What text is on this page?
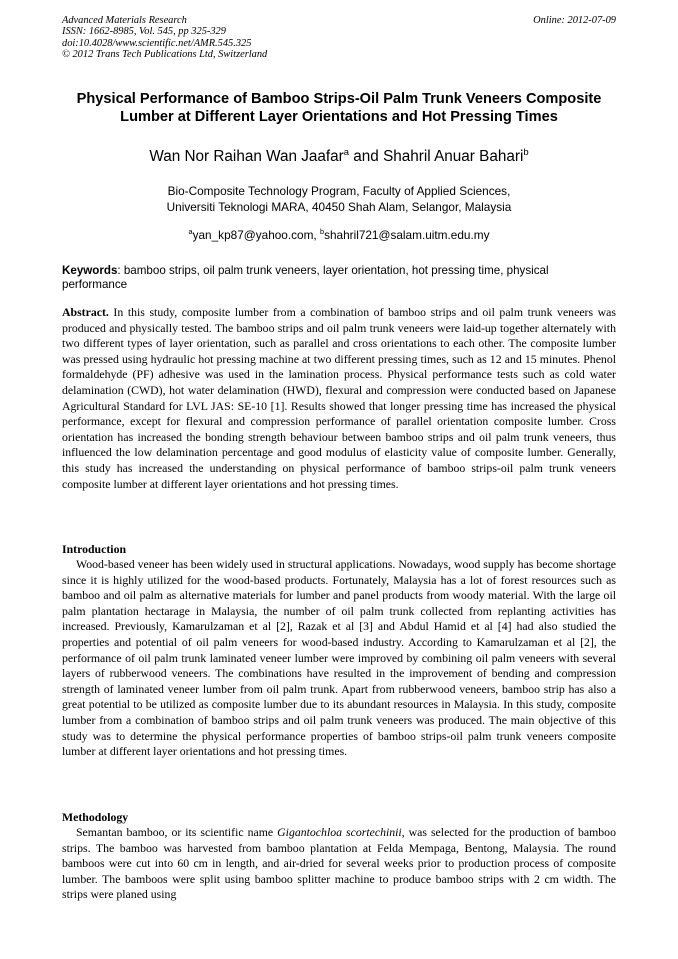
Advanced Materials Research
ISSN: 1662-8985, Vol. 545, pp 325-329
doi:10.4028/www.scientific.net/AMR.545.325
© 2012 Trans Tech Publications Ltd, Switzerland
Online: 2012-07-09
Physical Performance of Bamboo Strips-Oil Palm Trunk Veneers Composite Lumber at Different Layer Orientations and Hot Pressing Times
Wan Nor Raihan Wan Jaafar$^a$ and Shahril Anuar Bahari$^b$
Bio-Composite Technology Program, Faculty of Applied Sciences,
Universiti Teknologi MARA, 40450 Shah Alam, Selangor, Malaysia
$^a$yan_kp87@yahoo.com, $^b$shahril721@salam.uitm.edu.my
Keywords: bamboo strips, oil palm trunk veneers, layer orientation, hot pressing time, physical performance

Abstract. In this study, composite lumber from a combination of bamboo strips and oil palm trunk veneers was produced and physically tested. The bamboo strips and oil palm trunk veneers were laid-up together alternately with two different types of layer orientation, such as parallel and cross orientations to each other. The composite lumber was pressed using hydraulic hot pressing machine at two different pressing times, such as 12 and 15 minutes. Phenol formaldehyde (PF) adhesive was used in the lamination process. Physical performance tests such as cold water delamination (CWD), hot water delamination (HWD), flexural and compression were conducted based on Japanese Agricultural Standard for LVL JAS: SE-10 [1]. Results showed that longer pressing time has increased the physical performance, except for flexural and compression performance of parallel orientation composite lumber. Cross orientation has increased the bonding strength behaviour between bamboo strips and oil palm trunk veneers, thus influenced the low delamination percentage and good modulus of elasticity value of composite lumber. Generally, this study has increased the understanding on physical performance of bamboo strips-oil palm trunk veneers composite lumber at different layer orientations and hot pressing times.

Introduction

Wood-based veneer has been widely used in structural applications. Nowadays, wood supply has become shortage since it is highly utilized for the wood-based products. Fortunately, Malaysia has a lot of forest resources such as bamboo and oil palm as alternative materials for lumber and panel products from woody material. With the large oil palm plantation hectarage in Malaysia, the number of oil palm trunk collected from replanting activities has increased. Previously, Kamarulzaman et al [2], Razak et al [3] and Abdul Hamid et al [4] had also studied the properties and potential of oil palm veneers for wood-based industry. According to Kamarulzaman et al [2], the performance of oil palm trunk laminated veneer lumber were improved by combining oil palm veneers with several layers of rubberwood veneers. The combinations have resulted in the improvement of bending and compression strength of laminated veneer lumber from oil palm trunk. Apart from rubberwood veneers, bamboo strip has also a great potential to be utilized as composite lumber due to its abundant resources in Malaysia. In this study, composite lumber from a combination of bamboo strips and oil palm trunk veneers was produced. The main objective of this study was to determine the physical performance properties of bamboo strips-oil palm trunk veneers composite lumber at different layer orientations and hot pressing times.

Methodology

Semantan bamboo, or its scientific name Gigantochloa scortechinii, was selected for the production of bamboo strips. The bamboo was harvested from bamboo plantation at Felda Mempaga, Bentong, Malaysia. The round bamboos were cut into 60 cm in length, and air-dried for several weeks prior to production process of composite lumber. The bamboos were split using bamboo splitter machine to produce bamboo strips with 2 cm width. The strips were planed using
